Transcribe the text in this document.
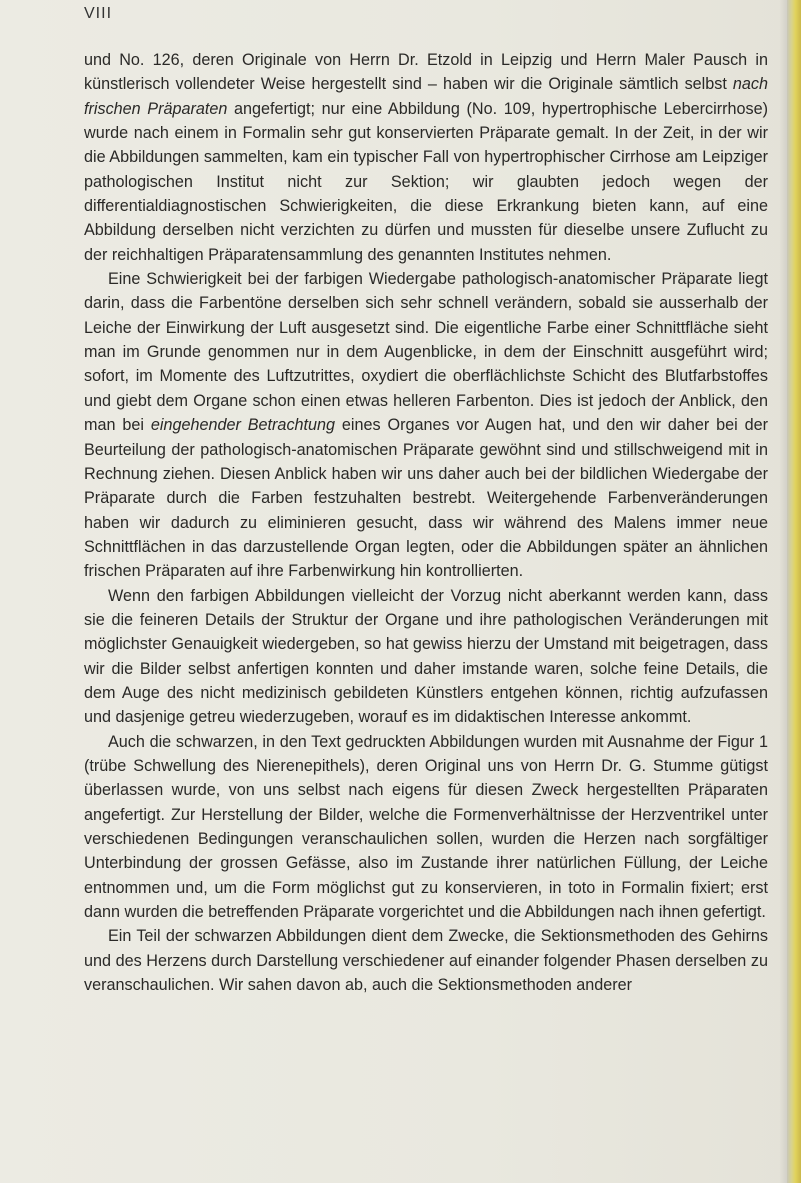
VIII

und No. 126, deren Originale von Herrn Dr. Etzold in Leipzig und Herrn Maler Pausch in künstlerisch vollendeter Weise hergestellt sind – haben wir die Originale sämtlich selbst nach frischen Präparaten angefertigt; nur eine Abbildung (No. 109, hypertrophische Lebercirrhose) wurde nach einem in Formalin sehr gut konservierten Präparate gemalt. In der Zeit, in der wir die Abbildungen sammelten, kam ein typischer Fall von hypertrophischer Cirrhose am Leipziger pathologischen Institut nicht zur Sektion; wir glaubten jedoch wegen der differentialdiagnostischen Schwierigkeiten, die diese Erkrankung bieten kann, auf eine Abbildung derselben nicht verzichten zu dürfen und mussten für dieselbe unsere Zuflucht zu der reichhaltigen Präparatensammlung des genannten Institutes nehmen.

Eine Schwierigkeit bei der farbigen Wiedergabe pathologisch-anatomischer Präparate liegt darin, dass die Farbentöne derselben sich sehr schnell verändern, sobald sie ausserhalb der Leiche der Einwirkung der Luft ausgesetzt sind. Die eigentliche Farbe einer Schnittfläche sieht man im Grunde genommen nur in dem Augenblicke, in dem der Einschnitt ausgeführt wird; sofort, im Momente des Luftzutrittes, oxydiert die oberflächlichste Schicht des Blutfarbstoffes und giebt dem Organe schon einen etwas helleren Farbenton. Dies ist jedoch der Anblick, den man bei eingehender Betrachtung eines Organes vor Augen hat, und den wir daher bei der Beurteilung der pathologisch-anatomischen Präparate gewöhnt sind und stillschweigend mit in Rechnung ziehen. Diesen Anblick haben wir uns daher auch bei der bildlichen Wiedergabe der Präparate durch die Farben festzuhalten bestrebt. Weitergehende Farbenveränderungen haben wir dadurch zu eliminieren gesucht, dass wir während des Malens immer neue Schnittflächen in das darzustellende Organ legten, oder die Abbildungen später an ähnlichen frischen Präparaten auf ihre Farbenwirkung hin kontrollierten.

Wenn den farbigen Abbildungen vielleicht der Vorzug nicht aberkannt werden kann, dass sie die feineren Details der Struktur der Organe und ihre pathologischen Veränderungen mit möglichster Genauigkeit wiedergeben, so hat gewiss hierzu der Umstand mit beigetragen, dass wir die Bilder selbst anfertigen konnten und daher imstande waren, solche feine Details, die dem Auge des nicht medizinisch gebildeten Künstlers entgehen können, richtig aufzufassen und dasjenige getreu wiederzugeben, worauf es im didaktischen Interesse ankommt.

Auch die schwarzen, in den Text gedruckten Abbildungen wurden mit Ausnahme der Figur 1 (trübe Schwellung des Nierenepithels), deren Original uns von Herrn Dr. G. Stumme gütigst überlassen wurde, von uns selbst nach eigens für diesen Zweck hergestellten Präparaten angefertigt. Zur Herstellung der Bilder, welche die Formenverhältnisse der Herzventrikel unter verschiedenen Bedingungen veranschaulichen sollen, wurden die Herzen nach sorgfältiger Unterbindung der grossen Gefässe, also im Zustande ihrer natürlichen Füllung, der Leiche entnommen und, um die Form möglichst gut zu konservieren, in toto in Formalin fixiert; erst dann wurden die betreffenden Präparate vorgerichtet und die Abbildungen nach ihnen gefertigt.

Ein Teil der schwarzen Abbildungen dient dem Zwecke, die Sektionsmethoden des Gehirns und des Herzens durch Darstellung verschiedener auf einander folgender Phasen derselben zu veranschaulichen. Wir sahen davon ab, auch die Sektionsmethoden anderer
